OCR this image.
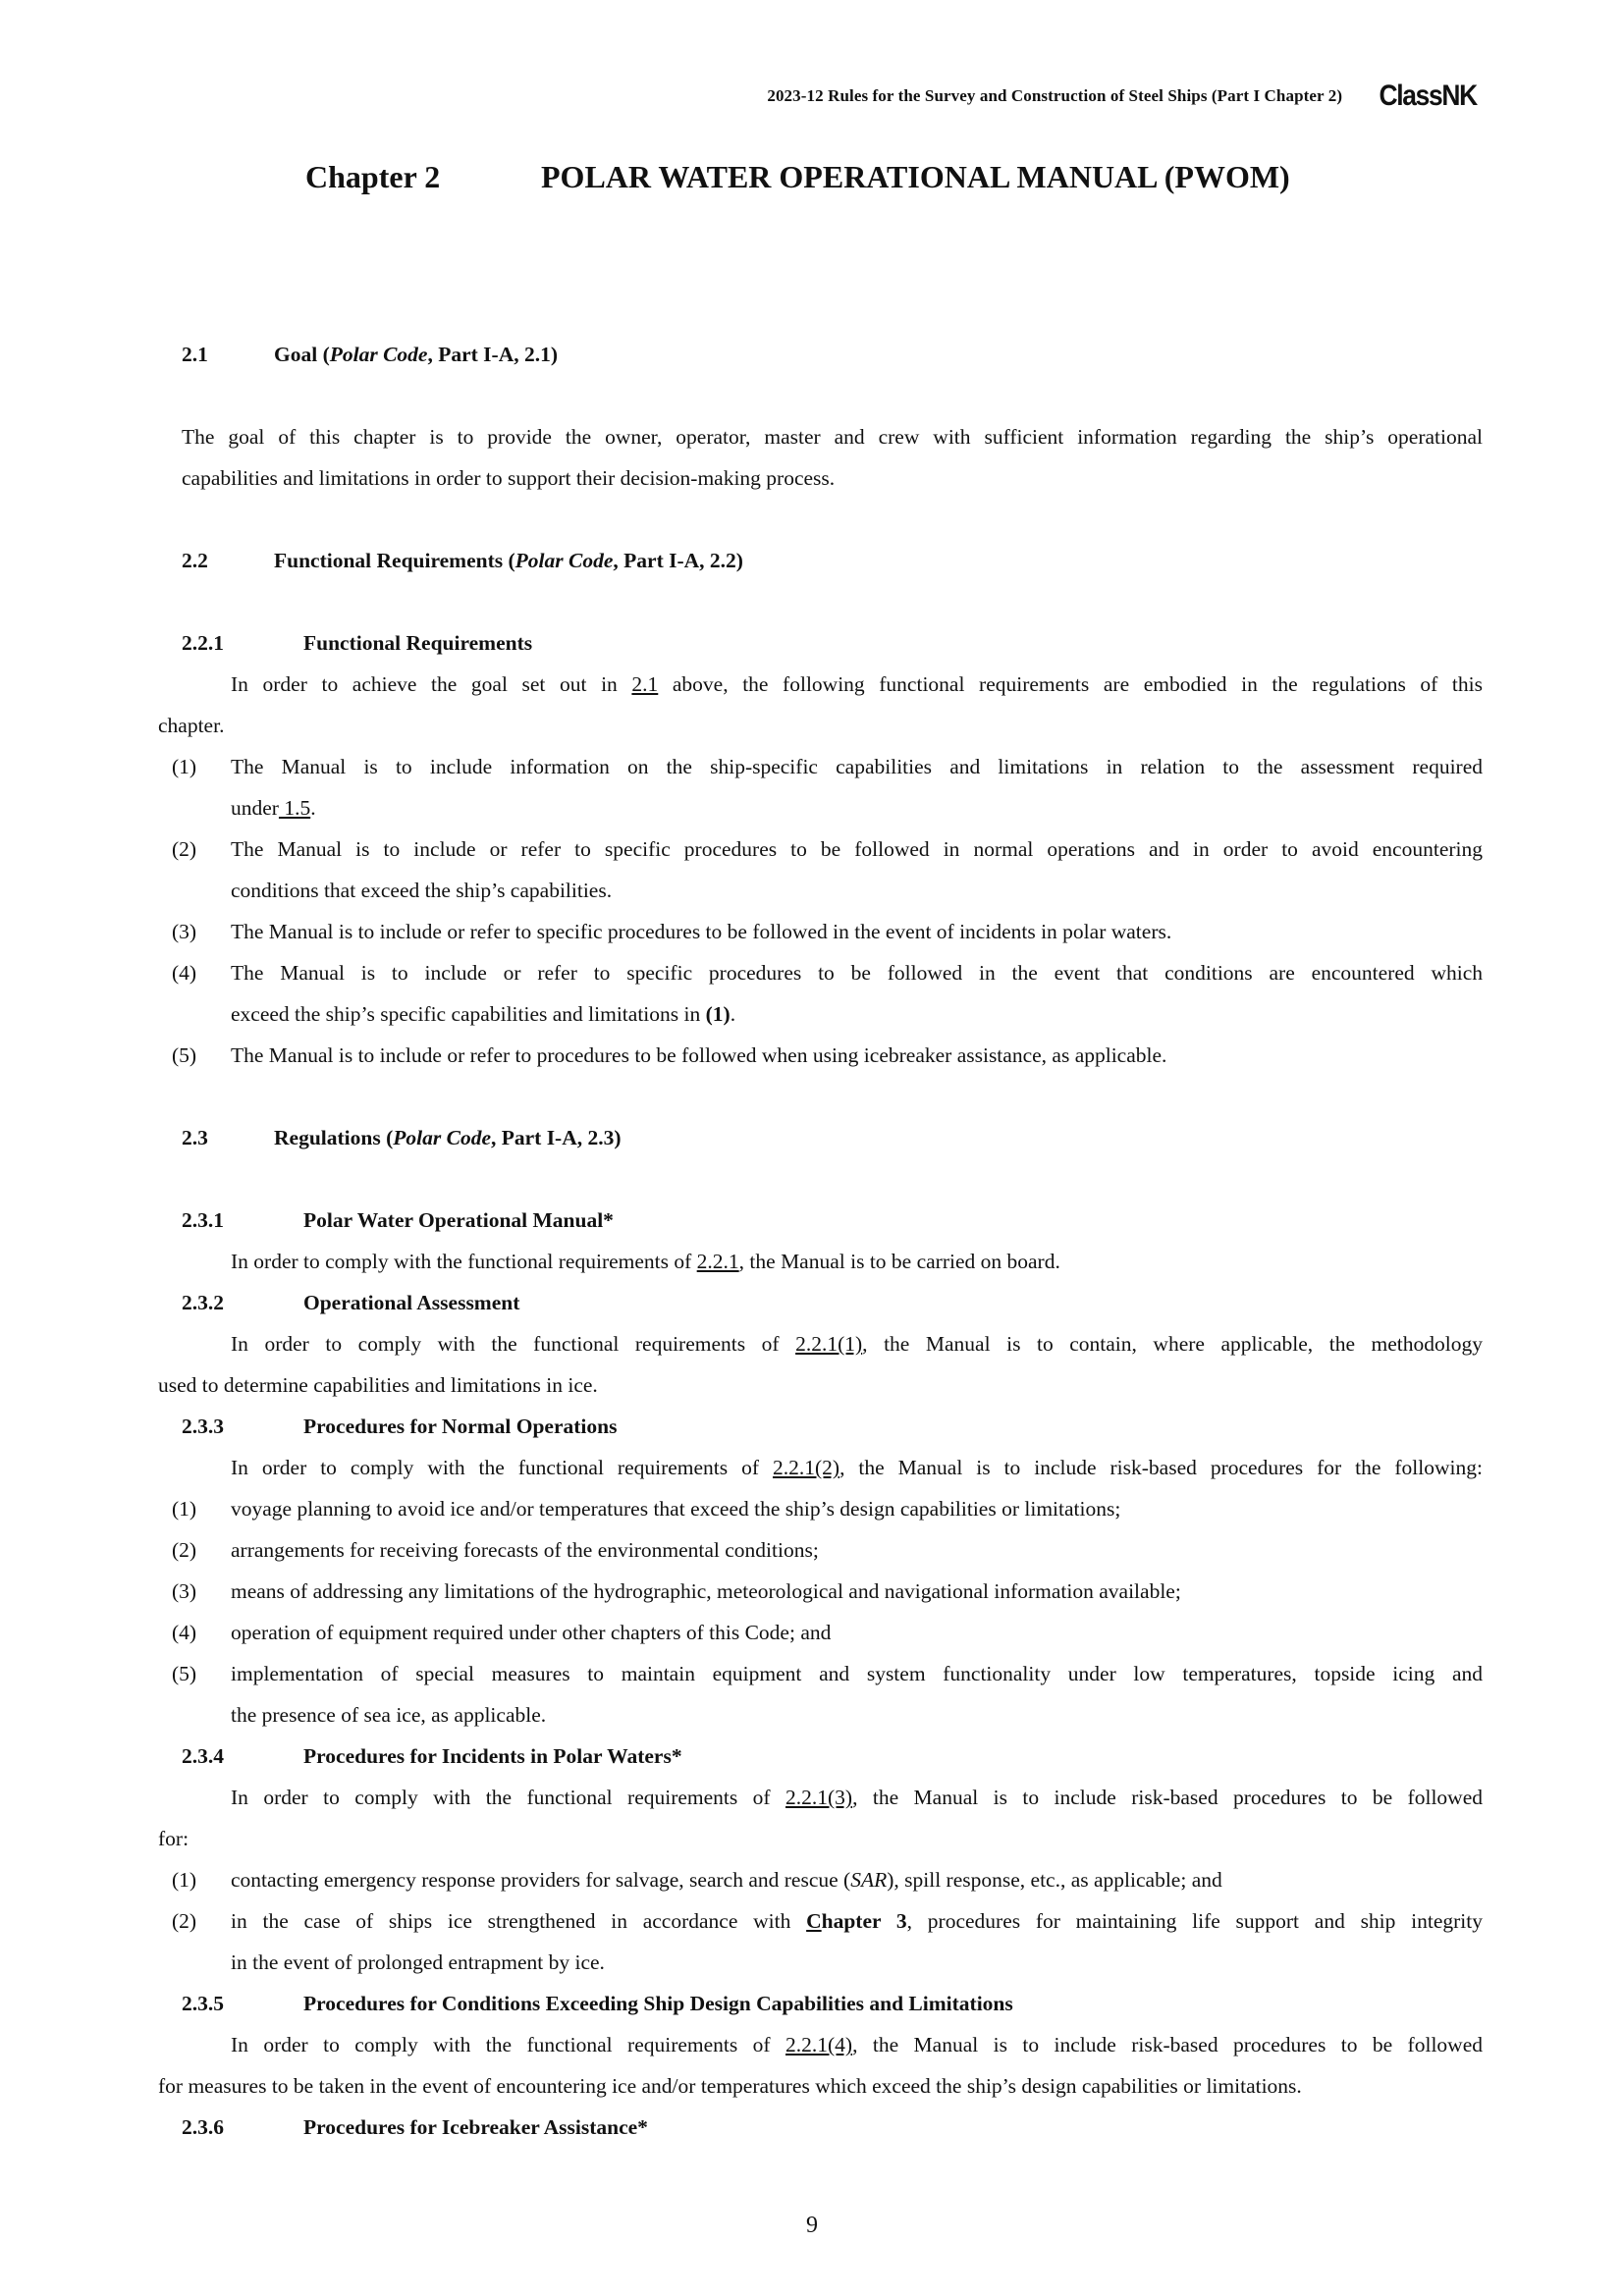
2023-12 Rules for the Survey and Construction of Steel Ships (Part I Chapter 2) ClassNK
Chapter 2	POLAR WATER OPERATIONAL MANUAL (PWOM)
2.1	Goal (Polar Code, Part I-A, 2.1)
The goal of this chapter is to provide the owner, operator, master and crew with sufficient information regarding the ship’s operational
capabilities and limitations in order to support their decision-making process.
2.2	Functional Requirements (Polar Code, Part I-A, 2.2)
2.2.1	Functional Requirements
In order to achieve the goal set out in 2.1 above, the following functional requirements are embodied in the regulations of this
chapter.
(1)	The Manual is to include information on the ship-specific capabilities and limitations in relation to the assessment required
under 1.5.
(2)	The Manual is to include or refer to specific procedures to be followed in normal operations and in order to avoid encountering
conditions that exceed the ship’s capabilities.
(3)	The Manual is to include or refer to specific procedures to be followed in the event of incidents in polar waters.
(4)	The Manual is to include or refer to specific procedures to be followed in the event that conditions are encountered which
exceed the ship’s specific capabilities and limitations in (1).
(5)	The Manual is to include or refer to procedures to be followed when using icebreaker assistance, as applicable.
2.3	Regulations (Polar Code, Part I-A, 2.3)
2.3.1	Polar Water Operational Manual*
In order to comply with the functional requirements of 2.2.1, the Manual is to be carried on board.
2.3.2	Operational Assessment
In order to comply with the functional requirements of 2.2.1(1), the Manual is to contain, where applicable, the methodology
used to determine capabilities and limitations in ice.
2.3.3	Procedures for Normal Operations
In order to comply with the functional requirements of 2.2.1(2), the Manual is to include risk-based procedures for the following:
(1)	voyage planning to avoid ice and/or temperatures that exceed the ship’s design capabilities or limitations;
(2)	arrangements for receiving forecasts of the environmental conditions;
(3)	means of addressing any limitations of the hydrographic, meteorological and navigational information available;
(4)	operation of equipment required under other chapters of this Code; and
(5)	implementation of special measures to maintain equipment and system functionality under low temperatures, topside icing and
the presence of sea ice, as applicable.
2.3.4	Procedures for Incidents in Polar Waters*
In order to comply with the functional requirements of 2.2.1(3), the Manual is to include risk-based procedures to be followed
for:
(1)	contacting emergency response providers for salvage, search and rescue (SAR), spill response, etc., as applicable; and
(2)	in the case of ships ice strengthened in accordance with Chapter 3, procedures for maintaining life support and ship integrity
in the event of prolonged entrapment by ice.
2.3.5	Procedures for Conditions Exceeding Ship Design Capabilities and Limitations
In order to comply with the functional requirements of 2.2.1(4), the Manual is to include risk-based procedures to be followed
for measures to be taken in the event of encountering ice and/or temperatures which exceed the ship’s design capabilities or limitations.
2.3.6	Procedures for Icebreaker Assistance*
9
